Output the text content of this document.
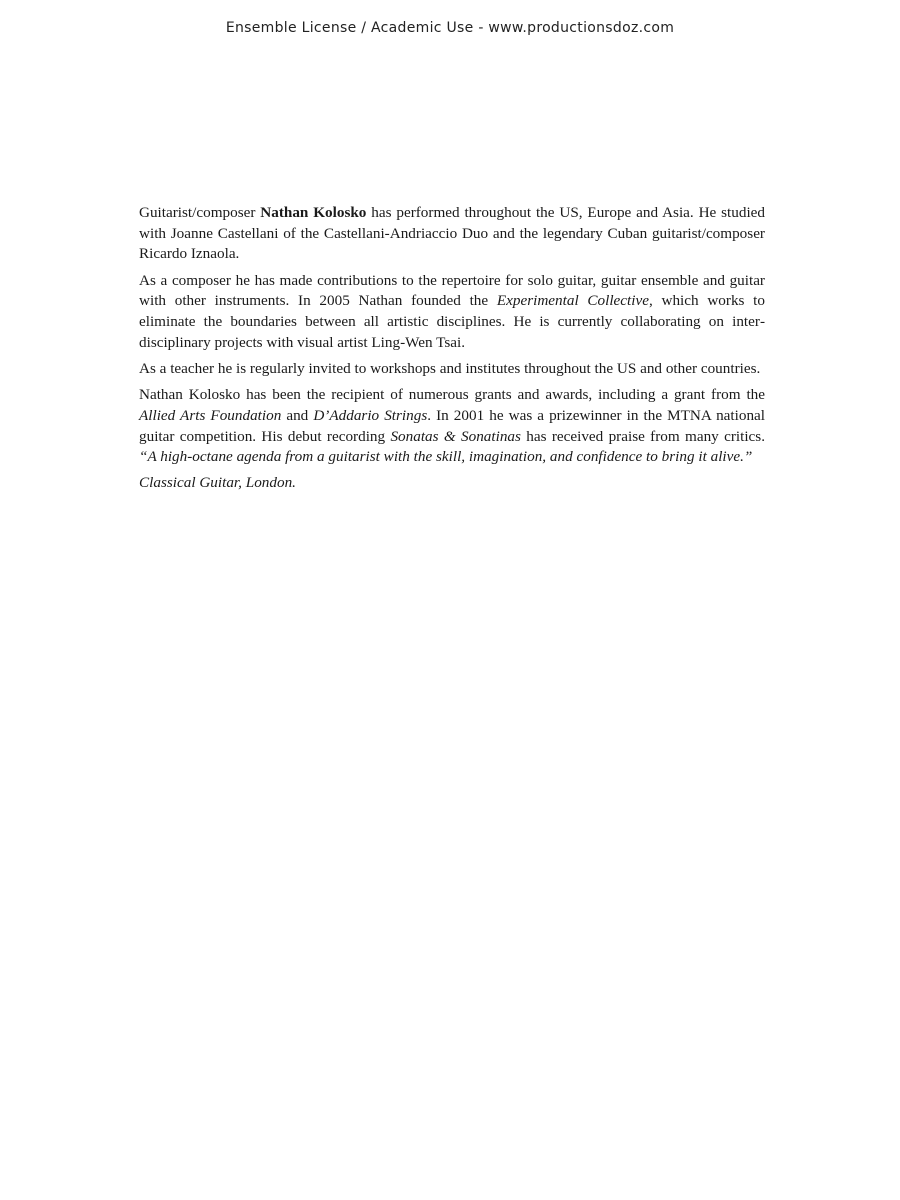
Ensemble License / Academic Use - www.productionsdoz.com

Guitarist/composer Nathan Kolosko has performed throughout the US, Europe and Asia. He studied with Joanne Castellani of the Castellani-Andriaccio Duo and the legendary Cuban guitarist/composer Ricardo Iznaola.

As a composer he has made contributions to the repertoire for solo guitar, guitar ensemble and guitar with other instruments. In 2005 Nathan founded the Experimental Collective, which works to eliminate the boundaries between all artistic disciplines. He is currently collaborating on interdisciplinary projects with visual artist Ling-Wen Tsai.

As a teacher he is regularly invited to workshops and institutes throughout the US and other countries.

Nathan Kolosko has been the recipient of numerous grants and awards, including a grant from the Allied Arts Foundation and D’Addario Strings. In 2001 he was a prizewinner in the MTNA national guitar competition. His debut recording Sonatas & Sonatinas has received praise from many critics. “A high-octane agenda from a guitarist with the skill, imagination, and confidence to bring it alive.”

Classical Guitar, London.
